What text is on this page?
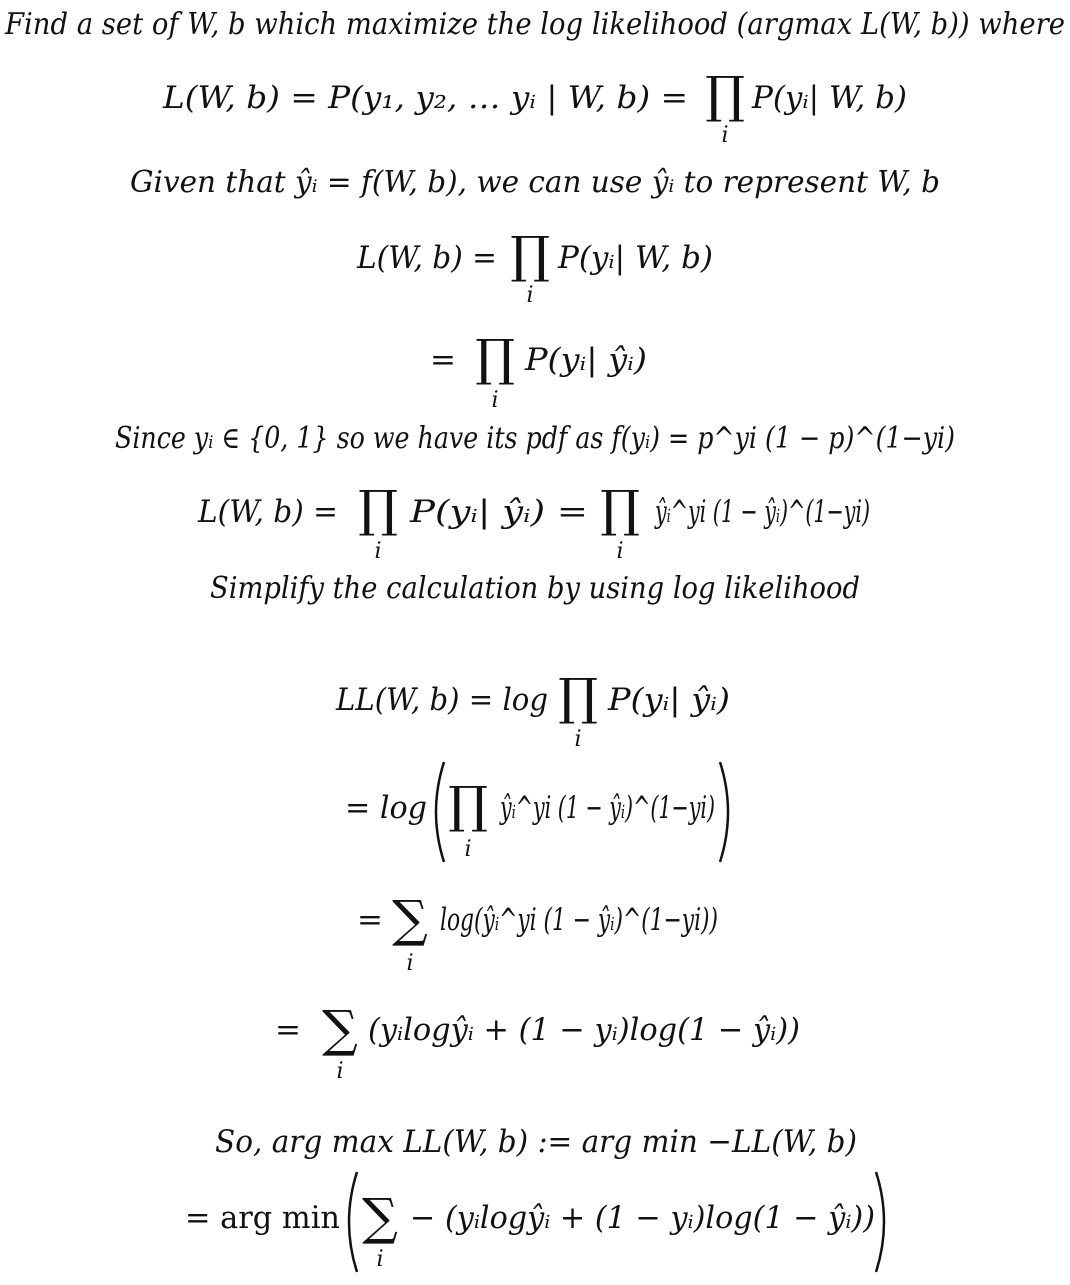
Find a set of W, b which maximize the log likelihood (argmax L(W, b)) where
L(W, b) = P(y₁, y₂, … yᵢ | W, b) = ∏
i
P(yᵢ| W, b)
Given that ŷᵢ = f(W, b), we can use ŷᵢ to represent W, b
L(W, b) = ∏
i
P(yᵢ| W, b)
= ∏
i
P(yᵢ| ŷᵢ)
Since yᵢ ∈ {0, 1} so we have its pdf as f(yᵢ) = p^yi (1 − p)^(1−yi)
L(W, b) = ∏
i
P(yᵢ| ŷᵢ) = ∏
i
ŷᵢ^yi (1 − ŷᵢ)^(1−yi)
Simplify the calculation by using log likelihood
LL(W, b) = log ∏
i
P(yᵢ| ŷᵢ)
= log ∏
i
ŷᵢ^yi (1 − ŷᵢ)^(1−yi)
= ∑
i
log(ŷᵢ^yi (1 − ŷᵢ)^(1−yi))
= ∑
i
(yᵢlogŷᵢ + (1 − yᵢ)log(1 − ŷᵢ))
So, arg max LL(W, b) := arg min −LL(W, b)
= arg min ∑
i
− (yᵢlogŷᵢ + (1 − yᵢ)log(1 − ŷᵢ))
